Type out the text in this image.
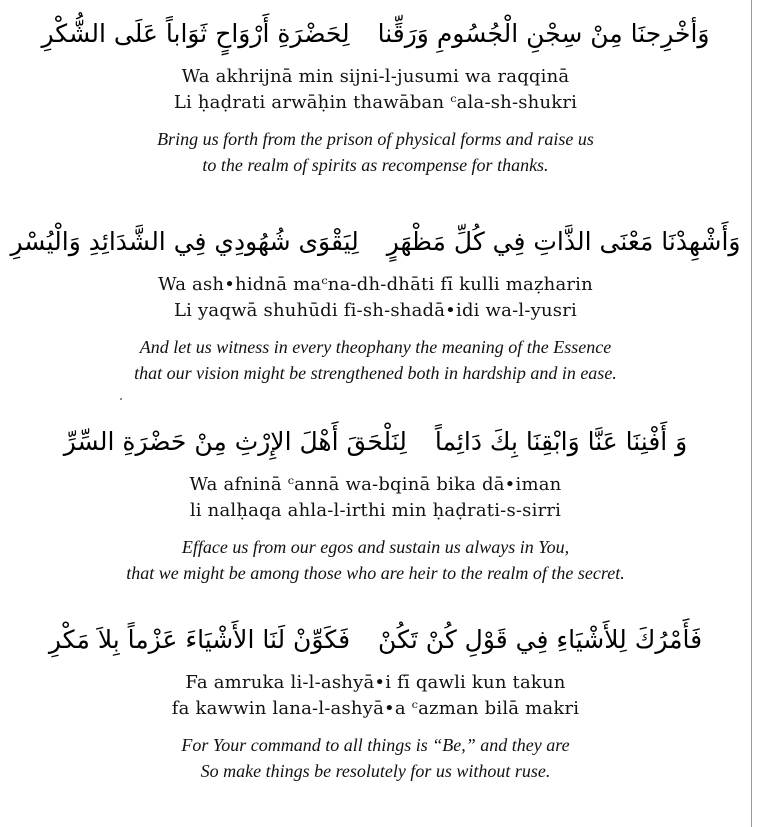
وَأخْرِجنَا مِنْ سِجْنِ الْجُسُومِ وَرَقِّنا لِحَضْرَةِ أَرْوَاحٍ ثَوَاباً عَلَى الشُّكْرِ
Wa akhrijnā min sijni-l-jusumi wa raqqinā
Li ḥaḍrati arwāḥin thawāban ᶜala-sh-shukri
Bring us forth from the prison of physical forms and raise us
to the realm of spirits as recompense for thanks.
وَأَشْهِدْنَا مَعْنَى الذَّاتِ فِي كُلِّ مَظْهَرٍ لِيَقْوَى شُهُودِي فِي الشَّدَائِدِ وَالْيُسْرِ
Wa ash•hidnā maᶜna-dh-dhāti fī kulli maẓharin
Li yaqwā shuhūdi fi-sh-shadā•idi wa-l-yusri
And let us witness in every theophany the meaning of the Essence
that our vision might be strengthened both in hardship and in ease.
وَ أَفْنِنَا عَنَّا وَابْقِنَا بِكَ دَائِماً لِنَلْحَقَ أَهْلَ الإِرْثِ مِنْ حَضْرَةِ السِّرِّ
Wa afninā ᶜannā wa-bqinā bika dā•iman
li nalḥaqa ahla-l-irthi min ḥaḍrati-s-sirri
Efface us from our egos and sustain us always in You,
that we might be among those who are heir to the realm of the secret.
فَأَمْرُكَ لِلأَشْيَاءِ فِي قَوْلِ كُنْ تَكُنْ فَكَوِّنْ لَنَا الأَشْيَاءَ عَزْماً بِلاَ مَكْرِ
Fa amruka li-l-ashyā•i fī qawli kun takun
fa kawwin lana-l-ashyā•a ᶜazman bilā makri
For Your command to all things is “Be,” and they are
So make things be resolutely for us without ruse.
